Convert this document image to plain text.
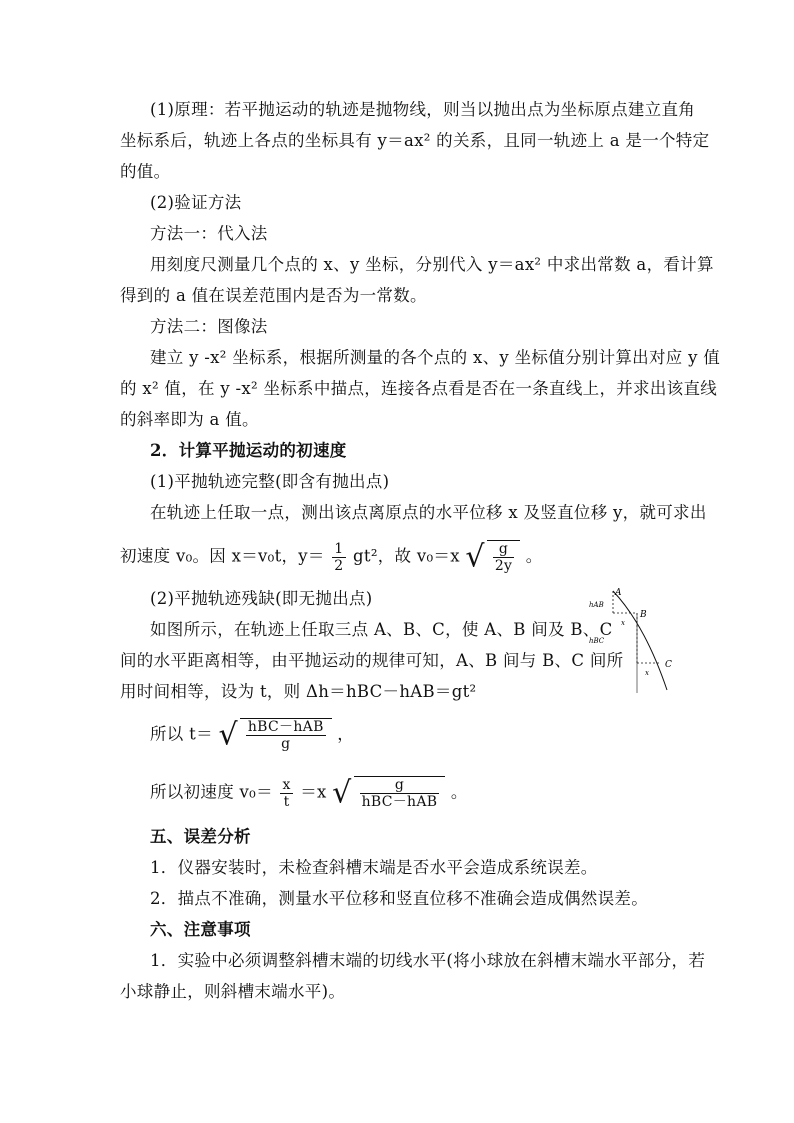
(1)原理：若平抛运动的轨迹是抛物线，则当以抛出点为坐标原点建立直角
坐标系后，轨迹上各点的坐标具有 y＝ax² 的关系，且同一轨迹上 a 是一个特定
的值。
(2)验证方法
方法一：代入法
用刻度尺测量几个点的 x、y 坐标，分别代入 y＝ax² 中求出常数 a，看计算
得到的 a 值在误差范围内是否为一常数。
方法二：图像法
建立 y -x² 坐标系，根据所测量的各个点的 x、y 坐标值分别计算出对应 y 值
的 x² 值，在 y -x² 坐标系中描点，连接各点看是否在一条直线上，并求出该直线
的斜率即为 a 值。
2．计算平抛运动的初速度
(1)平抛轨迹完整(即含有抛出点)
在轨迹上任取一点，测出该点离原点的水平位移 x 及竖直位移 y，就可求出
初速度 v₀。因 x＝v₀t，$y= \frac{1}{2} gt^2$，故 v₀＝x √ $\frac{g}{2y}$ 。
(2)平抛轨迹残缺(即无抛出点)
如图所示，在轨迹上任取三点 A、B、C，使 A、B 间及 B、C
间的水平距离相等，由平抛运动的规律可知，A、B 间与 B、C 间所
用时间相等，设为 t，则 Δh＝hBC－hAB＝gt²
所以 t＝ √ $\frac{\text{hBC－hAB}}{g}$ ，
所以初速度 $v_0= \frac{x}{t} =x$ √ $\frac{g}{\text{hBC－hAB}}$ 。
五、误差分析
1．仪器安装时，未检查斜槽末端是否水平会造成系统误差。
2．描点不准确，测量水平位移和竖直位移不准确会造成偶然误差。
六、注意事项
1．实验中必须调整斜槽末端的切线水平(将小球放在斜槽末端水平部分，若
小球静止，则斜槽末端水平)。
A
B
C
hAB
hBC
x
x
